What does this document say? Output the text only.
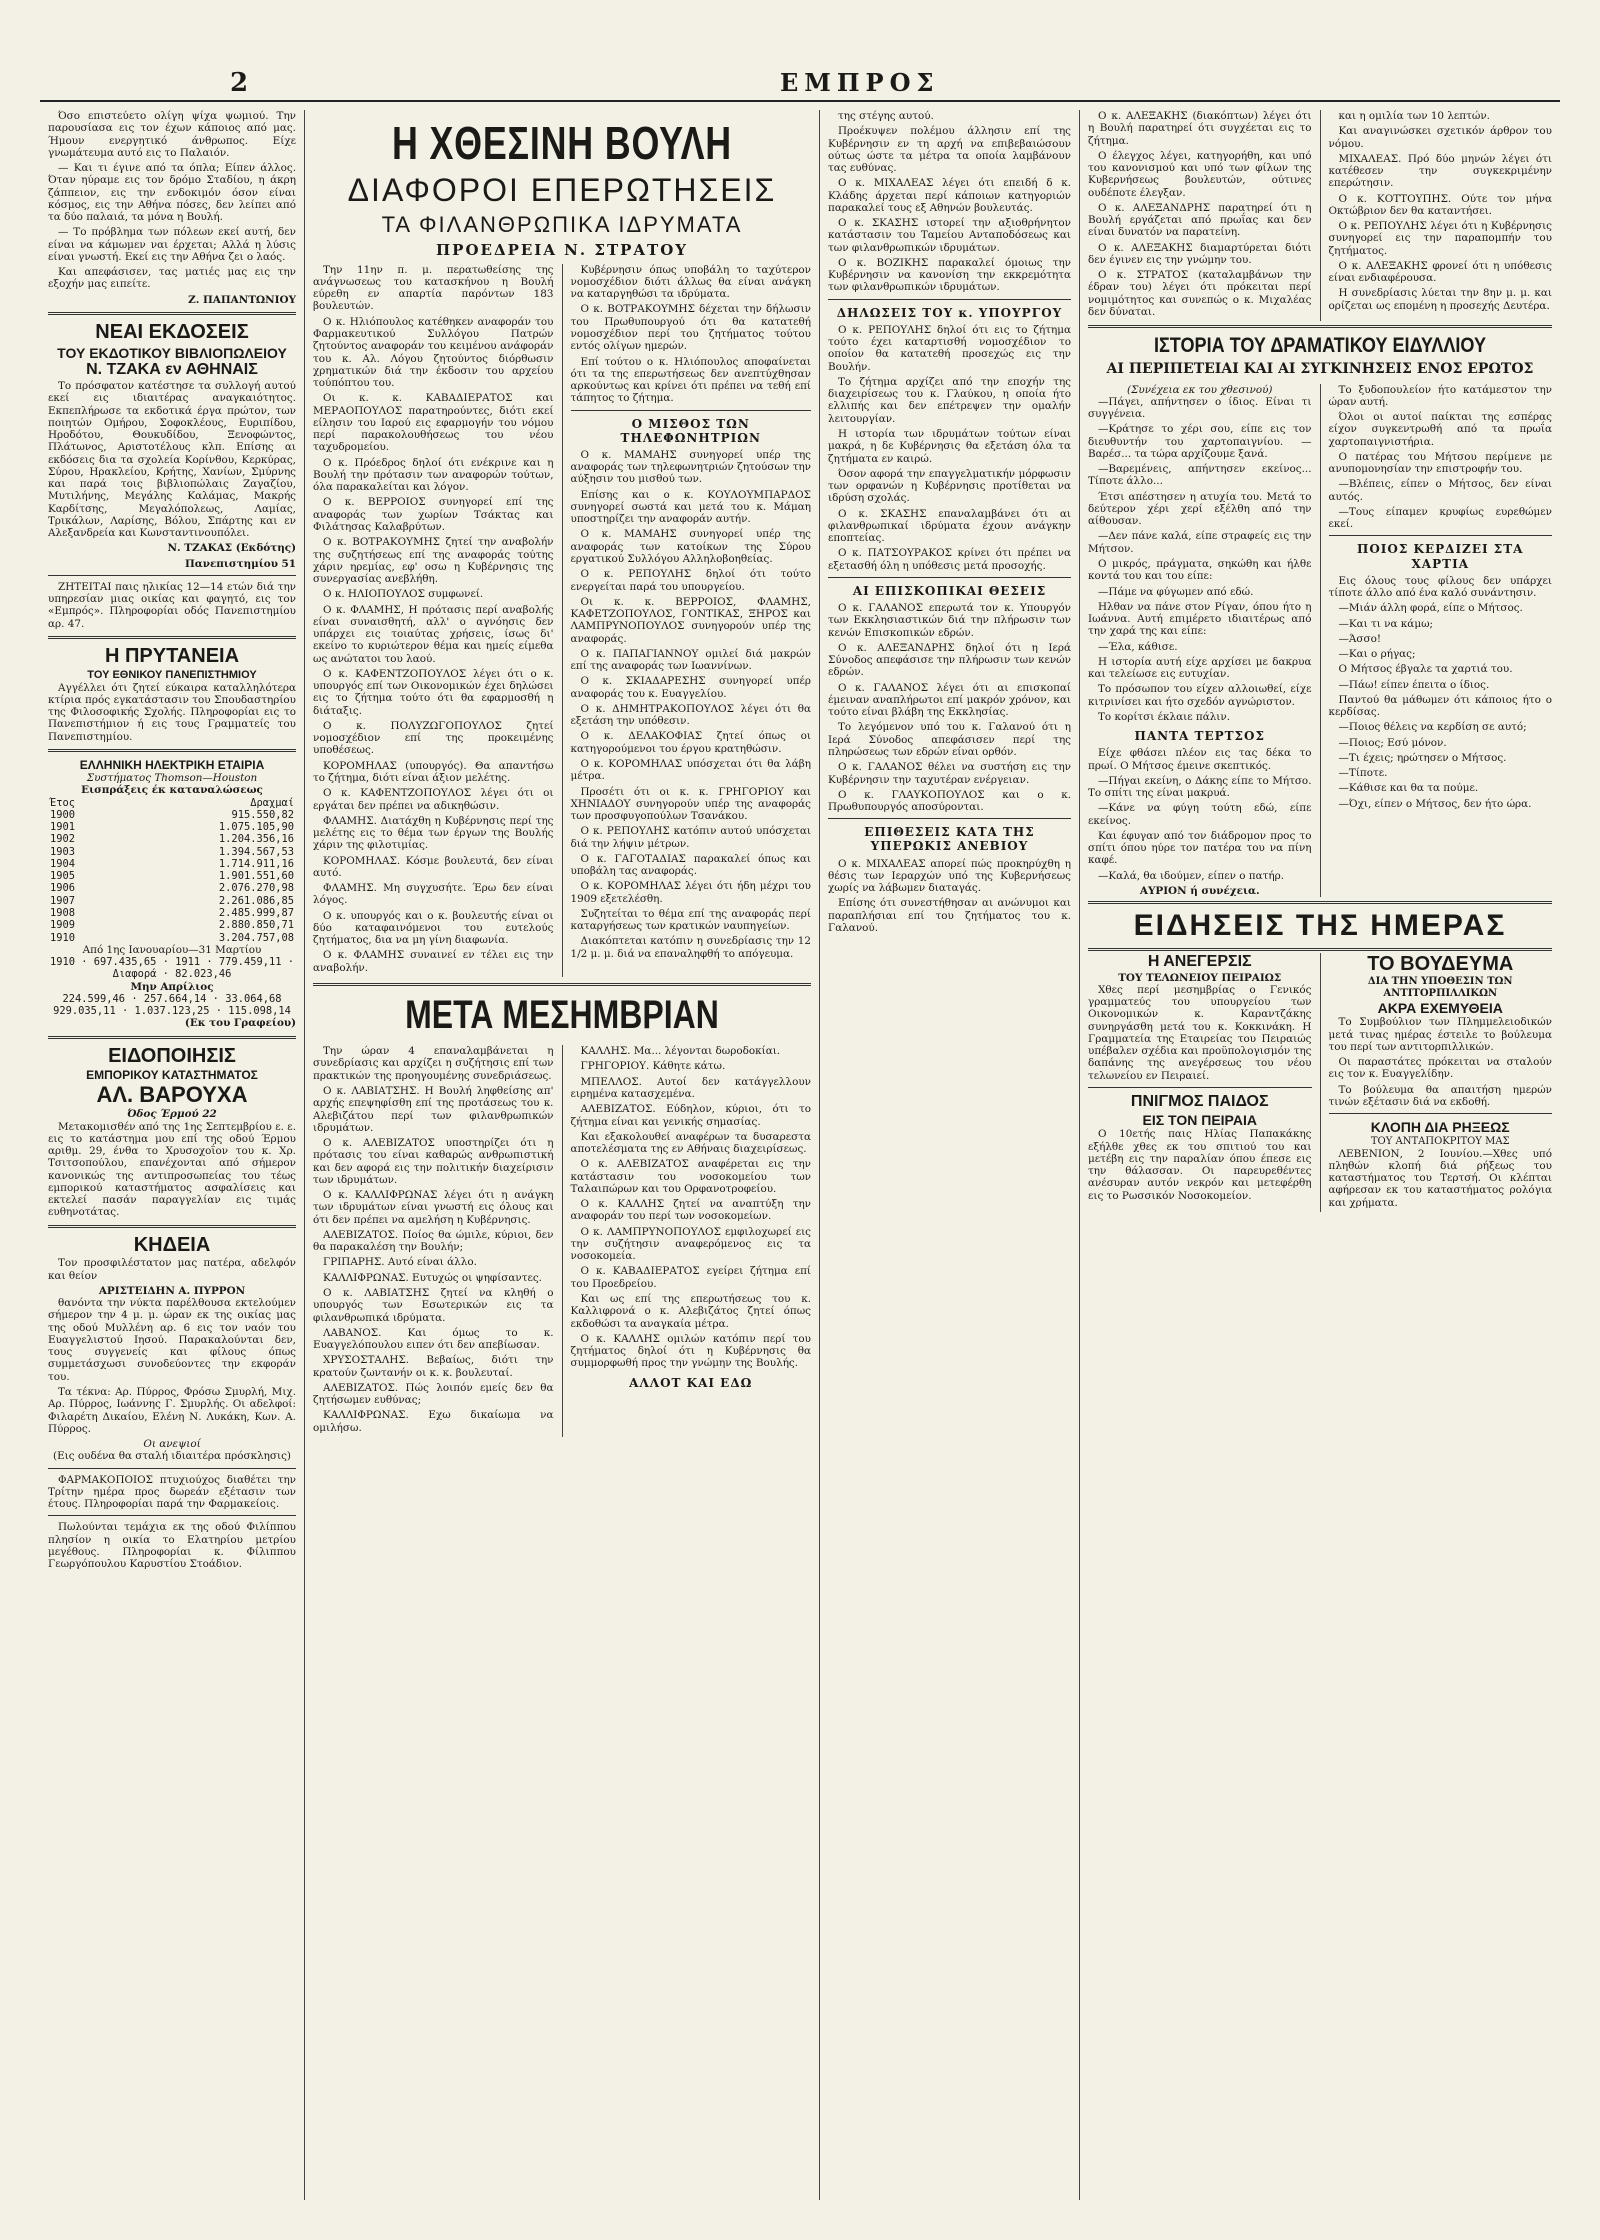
2	ΕΜΠΡΟΣ

Όσο επιστεύετο ολίγη ψίχα ψωμιού. Την παρουσίασα εις τον έχων κάποιος από μας. Ήμουν ενεργητικό άνθρωπος. Είχε γνωμάτευμα αυτό εις το Παλαιόν.

— Και τι έγινε από τα όπλα; Είπεν άλλος. Όταν ηύραμε εις τον δρόμο Σταδίου, η άκρη ζάππειον, εις την ενδοκιμόν όσον είναι κόσμος, εις την Αθήνα πόσες, δεν λείπει από τα δύο παλαιά, τα μόνα η Βουλή.

— Το πρόβλημα των πόλεων εκεί αυτή, δεν είναι να κάμωμεν ναι έρχεται; Αλλά η λύσις είναι γνωστή. Εκεί εις την Αθήνα ζει ο λαός.

Και απεφάσισεν, τας ματιές μας εις την εξοχήν μας ειπείτε.

Ζ. ΠΑΠΑΝΤΩΝΙΟΥ

ΝΕΑΙ ΕΚΔΟΣΕΙΣ
ΤΟΥ ΕΚΔΟΤΙΚΟΥ ΒΙΒΛΙΟΠΩΛΕΙΟΥ
Ν. ΤΖΑΚΑ εν ΑΘΗΝΑΙΣ

Το πρόσφατον κατέστησε τα συλλογή αυτού εκεί εις ιδιαιτέρας αναγκαιότητος. Εκπεπλήρωσε τα εκδοτικά έργα πρώτον, των ποιητών Ομήρου, Σοφοκλέους, Ευριπίδου, Ηροδότου, Θουκυδίδου, Ξενοφώντος, Πλάτωνος, Αριστοτέλους κλπ. Επίσης αι εκδόσεις δια τα σχολεία Κορίνθου, Κερκύρας, Σύρου, Ηρακλείου, Κρήτης, Χανίων, Σμύρνης και παρά τοις βιβλιοπώλαις Ζαγαζίου, Μυτιλήνης, Μεγάλης Καλάμας, Μακρής Καρδίτσης, Μεγαλόπολεως, Λαμίας, Τρικάλων, Λαρίσης, Βόλου, Σπάρτης και εν Αλεξανδρεία και Κωνσταντινουπόλει.

Ν. ΤΖΑΚΑΣ (Εκδότης)

Πανεπιστημίου 51

ΖΗΤΕΙΤΑΙ παις ηλικίας 12—14 ετών διά την υπηρεσίαν μιας οικίας και φαγητό, εις τον «Εμπρός». Πληροφορίαι οδός Πανεπιστημίου αρ. 47.

Η ΠΡΥΤΑΝΕΙΑ
ΤΟΥ ΕΘΝΙΚΟΥ ΠΑΝΕΠΙΣΤΗΜΙΟΥ

Αγγέλλει ότι ζητεί εύκαιρα καταλληλότερα κτίρια πρός εγκατάστασιν του Σπουδαστηρίου της Φιλοσοφικής Σχολής. Πληροφορίαι εις το Πανεπιστήμιον ή εις τους Γραμματείς του Πανεπιστημίου.

ΕΛΛΗΝΙΚΗ ΗΛΕΚΤΡΙΚΗ ΕΤΑΙΡΙΑ
Συστήματος Thomson—Houston
Εισπράξεις έκ καταναλώσεως
Έτος	Δραχμαί
1900	915.550,82
1901	1.075.105,90
1902	1.204.356,16
1903	1.394.567,53
1904	1.714.911,16
1905	1.901.551,60
1906	2.076.270,98
1907	2.261.086,85
1908	2.485.999,87
1909	2.880.850,71
1910	3.204.757,08
Από 1ης Ιανουαρίου—31 Μαρτίου
1910 · 697.435,65 · 1911 · 779.459,11 · Διαφορά · 82.023,46
Μην Απρίλιος
224.599,46 · 257.664,14 · 33.064,68
929.035,11 · 1.037.123,25 · 115.098,14
(Εκ του Γραφείου)
ΕΙΔΟΠΟΙΗΣΙΣ
ΕΜΠΟΡΙΚΟΥ ΚΑΤΑΣΤΗΜΑΤΟΣ
ΑΛ. ΒΑΡΟΥΧΑ
Όδος Έρμού 22

Μετακομισθέν από της 1ης Σεπτεμβρίου ε. ε. εις το κατάστημα μου επί της οδού Έρμου αριθμ. 29, ένθα το Χρυσοχοΐον του κ. Χρ. Τσιτσοπούλου, επανέχονται από σήμερον κανονικώς της αντιπροσωπείας του τέως εμπορικού καταστήματος ασφαλίσεις και εκτελεί πασάν παραγγελίαν εις τιμάς ευθηνοτάτας.

ΚΗΔΕΙΑ

Τον προσφιλέστατον μας πατέρα, αδελφόν και θείον

ΑΡΙΣΤΕΙΔΗΝ Α. ΠΥΡΡΟΝ

θανόντα την νύκτα παρέλθουσα εκτελούμεν σήμερον την 4 μ. μ. ώραν εκ της οικίας μας της οδού Μυλλένη αρ. 6 εις τον ναόν του Ευαγγελιστού Ιησού. Παρακαλούνται δεν, τους συγγενείς και φίλους όπως συμμετάσχωσι συνοδεύοντες την εκφοράν του.

Τα τέκνα: Αρ. Πύρρος, Φρόσω Σμυρλή, Μιχ. Αρ. Πύρρος, Ιωάννης Γ. Σμυρλής. Οι αδελφοί: Φιλαρέτη Δικαίου, Ελένη Ν. Λυκάκη, Κων. Α. Πύρρος.

Οι ανεψιοί
(Εις ουδένα θα σταλή ιδιαιτέρα πρόσκλησις)

ΦΑΡΜΑΚΟΠΟΙΟΣ πτυχιούχος διαθέτει την Τρίτην ημέρα προς δωρεάν εξέτασιν των έτους. Πληροφορίαι παρά την Φαρμακείοις.

Πωλούνται τεμάχια εκ της οδού Φιλίππου πλησίον η οικία το Ελατηρίου μετρίου μεγέθους. Πληροφορίαι κ. Φίλιππου Γεωργόπουλου Καρυστίου Στοάδιον.

Η ΧΘΕΣΙΝΗ ΒΟΥΛΗ
ΔΙΑΦΟΡΟΙ ΕΠΕΡΩΤΗΣΕΙΣ
ΤΑ ΦΙΛΑΝΘΡΩΠΙΚΑ ΙΔΡΥΜΑΤΑ
ΠΡΟΕΔΡΕΙΑ Ν. ΣΤΡΑΤΟΥ

Την 11ην π. μ. περατωθείσης της ανάγνωσεως του κατασκήνου η Βουλή εύρεθη εν απαρτία παρόντων 183 βουλευτών.

Ο κ. Ηλιόπουλος κατέθηκεν αναφοράν του Φαρμακευτικού Συλλόγου Πατρών ζητούντος αναφοράν του κειμένου ανάφοράν του κ. Αλ. Λόγου ζητούντος διόρθωσιν χρηματικών διά την έκδοσιν του αρχείου τούπόπτου του.

Οι κ. κ. ΚΑΒΑΔΙΕΡΑΤΟΣ και ΜΕΡΑΟΠΟΥΛΟΣ παρατηρούντες, διότι εκεί είλησιν του Ιαρού εις εφαρμογήν του νόμου περί παρακολουθήσεως του νέου ταχυδρομείου.

Ο κ. Πρόεδρος δηλοί ότι ενέκρινε και η Βουλή την πρότασιν των αναφορών τούτων, όλα παρακαλείται και λόγον.

Ο κ. ΒΕΡΡΟΙΟΣ συνηγορεί επί της αναφοράς των χωρίων Τσάκτας και Φιλάτησας Καλαβρύτων.

Ο κ. ΒΟΤΡΑΚΟΥΜΗΣ ζητεί την αναβολήν της συζητήσεως επί της αναφοράς τούτης χάριν ηρεμίας, εφ' οσω η Κυβέρνησις της συνεργασίας ανεβλήθη.

Ο κ. ΗΛΙΟΠΟΥΛΟΣ συμφωνεί.

Ο κ. ΦΛΑΜΗΣ, Η πρότασις περί αναβολής είναι συναισθητή, αλλ' ο αγνόησις δεν υπάρχει εις τοιαύτας χρήσεις, ίσως δι' εκείνο το κυριώτερον θέμα και ημείς είμεθα ως ανώτατοι του λαού.

Ο κ. ΚΑΦΕΝΤΖΟΠΟΥΛΟΣ λέγει ότι ο κ. υπουργός επί των Οικονομικών έχει δηλώσει εις το ζήτημα τούτο ότι θα εφαρμοσθή η διάταξις.

Ο κ. ΠΟΛΥΖΩΓΟΠΟΥΛΟΣ ζητεί νομοσχέδιον επί της προκειμένης υποθέσεως.

ΚΟΡΟΜΗΛΑΣ (υπουργός). Θα απαντήσω το ζήτημα, διότι είναι άξιον μελέτης.

Ο κ. ΚΑΦΕΝΤΖΟΠΟΥΛΟΣ λέγει ότι οι εργάται δεν πρέπει να αδικηθώσιν.

ΦΛΑΜΗΣ. Διατάχθη η Κυβέρνησις περί της μελέτης εις το θέμα των έργων της Βουλής χάριν της φιλοτιμίας.

ΚΟΡΟΜΗΛΑΣ. Κόσμε βουλευτά, δεν είναι αυτό.

ΦΛΑΜΗΣ. Μη συγχυσήτε. Έρω δεν είναι λόγος.

Ο κ. υπουργός και ο κ. βουλευτής είναι οι δύο καταφαινόμενοι του ευτελούς ζητήματος, δια να μη γίνη διαφωνία.

Ο κ. ΦΛΑΜΗΣ συναινεί εν τέλει εις την αναβολήν.

Κυβέρνησιν όπως υποβάλη το ταχύτερον νομοσχέδιον διότι άλλως θα είναι ανάγκη να καταργηθώσι τα ιδρύματα.

Ο κ. ΒΟΤΡΑΚΟΥΜΗΣ δέχεται την δήλωσιν του Πρωθυπουργού ότι θα κατατεθή νομοσχέδιον περί του ζητήματος τούτου εντός ολίγων ημερών.

Επί τούτου ο κ. Ηλιόπουλος αποφαίνεται ότι τα της επερωτήσεως δεν ανεπτύχθησαν αρκούντως και κρίνει ότι πρέπει να τεθή επί τάπητος το ζήτημα.

Ο ΜΙΣΘΟΣ ΤΩΝ ΤΗΛΕΦΩΝΗΤΡΙΩΝ

Ο κ. ΜΑΜΑΗΣ συνηγορεί υπέρ της αναφοράς των τηλεφωνητριών ζητούσων την αύξησιν του μισθού των.

Επίσης και ο κ. ΚΟΥΛΟΥΜΠΑΡΔΟΣ συνηγορεί σωστά και μετά του κ. Μάμαη υποστηρίζει την αναφοράν αυτήν.

Ο κ. ΜΑΜΑΗΣ συνηγορεί υπέρ της αναφοράς των κατοίκων της Σύρου εργατικού Συλλόγου Αλληλοβοηθείας.

Ο κ. ΡΕΠΟΥΛΗΣ δηλοί ότι τούτο ενεργείται παρά του υπουργείου.

Οι κ. κ. ΒΕΡΡΟΙΟΣ, ΦΛΑΜΗΣ, ΚΑΦΕΤΖΟΠΟΥΛΟΣ, ΓΟΝΤΙΚΑΣ, ΞΗΡΟΣ και ΛΑΜΠΡΥΝΟΠΟΥΛΟΣ συνηγορούν υπέρ της αναφοράς.

Ο κ. ΠΑΠΑΓΙΑΝΝΟΥ ομιλεί διά μακρών επί της αναφοράς των Ιωαννίνων.

Ο κ. ΣΚΙΑΔΑΡΕΣΗΣ συνηγορεί υπέρ αναφοράς του κ. Ευαγγελίου.

Ο κ. ΔΗΜΗΤΡΑΚΟΠΟΥΛΟΣ λέγει ότι θα εξετάση την υπόθεσιν.

Ο κ. ΔΕΛΑΚΟΦΙΑΣ ζητεί όπως οι κατηγορούμενοι του έργου κρατηθώσιν.

Ο κ. ΚΟΡΟΜΗΛΑΣ υπόσχεται ότι θα λάβη μέτρα.

Προσέτι ότι οι κ. κ. ΓΡΗΓΟΡΙΟΥ και ΧΗΝΙΑΔΟΥ συνηγορούν υπέρ της αναφοράς των προσφυγοπούλων Τσανάκου.

Ο κ. ΡΕΠΟΥΛΗΣ κατόπιν αυτού υπόσχεται διά την λήψιν μέτρων.

Ο κ. ΓΑΓΟΤΑΔΙΑΣ παρακαλεί όπως και υποβάλη τας αναφοράς.

Ο κ. ΚΟΡΟΜΗΛΑΣ λέγει ότι ήδη μέχρι του 1909 εξετελέσθη.

Συζητείται το θέμα επί της αναφοράς περί καταργήσεως των κρατικών ναυπηγείων.

Διακόπτεται κατόπιν η συνεδρίασις την 12 1/2 μ. μ. διά να επαναληφθή το απόγευμα.

ΜΕΤΑ ΜΕΣΗΜΒΡΙΑΝ

Την ώραν 4 επαναλαμβάνεται η συνεδρίασις και αρχίζει η συζήτησις επί των πρακτικών της προηγουμένης συνεδριάσεως.

Ο κ. ΛΑΒΙΑΤΣΗΣ. Η Βουλή ληφθείσης απ' αρχής επεψηφίσθη επί της προτάσεως του κ. Αλεβιζάτου περί των φιλανθρωπικών ιδρυμάτων.

Ο κ. ΑΛΕΒΙΖΑΤΟΣ υποστηρίζει ότι η πρότασις του είναι καθαρώς ανθρωπιστική και δεν αφορά εις την πολιτικήν διαχείρισιν των ιδρυμάτων.

Ο κ. ΚΑΛΛΙΦΡΩΝΑΣ λέγει ότι η ανάγκη των ιδρυμάτων είναι γνωστή εις όλους και ότι δεν πρέπει να αμελήση η Κυβέρνησις.

ΑΛΕΒΙΖΑΤΟΣ. Ποίος θα ώμιλε, κύριοι, δεν θα παρακαλέση την Βουλήν;

ΓΡΙΠΑΡΗΣ. Αυτό είναι άλλο.

ΚΑΛΛΙΦΡΩΝΑΣ. Ευτυχώς οι ψηφίσαντες.

Ο κ. ΛΑΒΙΑΤΣΗΣ ζητεί να κληθή ο υπουργός των Εσωτερικών εις τα φιλανθρωπικά ιδρύματα.

ΛΑΒΑΝΟΣ. Και όμως το κ. Ευαγγελόπουλου ειπεν ότι δεν απεβίωσαν.

ΧΡΥΣΟΣΤΑΛΗΣ. Βεβαίως, διότι την κρατούν ζωντανήν οι κ. κ. βουλευταί.

ΑΛΕΒΙΖΑΤΟΣ. Πώς λοιπόν εμείς δεν θα ζητήσωμεν ευθύνας;

ΚΑΛΛΙΦΡΩΝΑΣ. Εχω δικαίωμα να ομιλήσω.

ΚΑΛΛΗΣ. Μα... λέγονται δωροδοκίαι.

ΓΡΗΓΟΡΙΟΥ. Κάθητε κάτω.

ΜΠΕΛΛΟΣ. Αυτοί δεν κατάγγελλουν ειρημένα κατασχεμένα.

ΑΛΕΒΙΖΑΤΟΣ. Εύδηλον, κύριοι, ότι το ζήτημα είναι και γενικής σημασίας.

Και εξακολουθεί αναφέρων τα δυσαρεστα αποτελέσματα της εν Αθήναις διαχειρίσεως.

Ο κ. ΑΛΕΒΙΖΑΤΟΣ αναφέρεται εις την κατάστασιν του νοσοκομείου των Ταλαιπώρων και του Ορφανοτροφείου.

Ο κ. ΚΑΛΛΗΣ ζητεί να αναπτύξη την αναφοράν του περί των νοσοκομείων.

Ο κ. ΛΑΜΠΡΥΝΟΠΟΥΛΟΣ εμφιλοχωρεί εις την συζήτησιν αναφερόμενος εις τα νοσοκομεία.

Ο κ. ΚΑΒΑΔΙΕΡΑΤΟΣ εγείρει ζήτημα επί του Προεδρείου.

Και ως επί της επερωτήσεως του κ. Καλλιφρονά ο κ. Αλεβιζάτος ζητεί όπως εκδοθώσι τα αναγκαία μέτρα.

Ο κ. ΚΑΛΛΗΣ ομιλών κατόπιν περί του ζητήματος δηλοί ότι η Κυβέρνησις θα συμμορφωθή προς την γνώμην της Βουλής.

ΑΛΛΟΤ ΚΑΙ ΕΔΩ

της στέγης αυτού.

Προέκυψεν πολέμου άλλησιν επί της Κυβέρνησιν εν τη αρχή να επιβεβαιώσουν ούτως ώστε τα μέτρα τα οποία λαμβάνουν τας ευθύνας.

Ο κ. ΜΙΧΑΛΕΑΣ λέγει ότι επειδή δ κ. Κλάδης άρχεται περί κάποιων κατηγοριών παρακαλεί τους εξ Αθηνών βουλευτάς.

Ο κ. ΣΚΑΣΗΣ ιστορεί την αξιοθρήνητον κατάστασιν του Ταμείου Ανταποδόσεως και των φιλανθρωπικών ιδρυμάτων.

Ο κ. ΒΟΖΙΚΗΣ παρακαλεί όμοιως την Κυβέρνησιν να κανονίση την εκκρεμότητα των φιλανθρωπικών ιδρυμάτων.

ΔΗΛΩΣΕΙΣ ΤΟΥ κ. ΥΠΟΥΡΓΟΥ

Ο κ. ΡΕΠΟΥΛΗΣ δηλοί ότι εις το ζήτημα τούτο έχει καταρτισθή νομοσχέδιον το οποίον θα κατατεθή προσεχώς εις την Βουλήν.

Το ζήτημα αρχίζει από την εποχήν της διαχειρίσεως του κ. Γλαύκου, η οποία ήτο ελλιπής και δεν επέτρεψεν την ομαλήν λειτουργίαν.

Η ιστορία των ιδρυμάτων τούτων είναι μακρά, η δε Κυβέρνησις θα εξετάση όλα τα ζητήματα εν καιρώ.

Όσον αφορά την επαγγελματικήν μόρφωσιν των ορφανών η Κυβέρνησις προτίθεται να ιδρύση σχολάς.

Ο κ. ΣΚΑΣΗΣ επαναλαμβάνει ότι αι φιλανθρωπικαί ιδρύματα έχουν ανάγκην εποπτείας.

Ο κ. ΠΑΤΣΟΥΡΑΚΟΣ κρίνει ότι πρέπει να εξετασθή όλη η υπόθεσις μετά προσοχής.

ΑΙ ΕΠΙΣΚΟΠΙΚΑΙ ΘΕΣΕΙΣ

Ο κ. ΓΑΛΑΝΟΣ επερωτά τον κ. Υπουργόν των Εκκλησιαστικών διά την πλήρωσιν των κενών Επισκοπικών εδρών.

Ο κ. ΑΛΕΞΑΝΔΡΗΣ δηλοί ότι η Ιερά Σύνοδος απεφάσισε την πλήρωσιν των κενών εδρών.

Ο κ. ΓΑΛΑΝΟΣ λέγει ότι αι επισκοπαί έμειναν αναπλήρωτοι επί μακρόν χρόνον, και τούτο είναι βλάβη της Εκκλησίας.

Το λεγόμενον υπό του κ. Γαλανού ότι η Ιερά Σύνοδος απεφάσισεν περί της πληρώσεως των εδρών είναι ορθόν.

Ο κ. ΓΑΛΑΝΟΣ θέλει να συστήση εις την Κυβέρνησιν την ταχυτέραν ενέργειαν.

Ο κ. ΓΛΑΥΚΟΠΟΥΛΟΣ και ο κ. Πρωθυπουργός αποσύρονται.

ΕΠΙΘΕΣΕΙΣ ΚΑΤΑ ΤΗΣ ΥΠΕΡΩΚΙΣ ΑΝΕΒΙΟΥ

Ο κ. ΜΙΧΑΛΕΑΣ απορεί πώς προκηρύχθη η θέσις των Ιεραρχών υπό της Κυβερνήσεως χωρίς να λάβωμεν διαταγάς.

Επίσης ότι συνεστήθησαν αι ανώνυμοι και παραπλήσιαι επί του ζητήματος του κ. Γαλανού.

Ο κ. ΑΛΕΞΑΚΗΣ (διακόπτων) λέγει ότι η Βουλή παρατηρεί ότι συγχέεται εις το ζήτημα.

Ο έλεγχος λέγει, κατηγορήθη, και υπό του κανονισμού και υπό των φίλων της Κυβερνήσεως βουλευτών, ούτινες ουδέποτε έλεγξαν.

Ο κ. ΑΛΕΞΑΝΔΡΗΣ παρατηρεί ότι η Βουλή εργάζεται από πρωΐας και δεν είναι δυνατόν να παρατείνη.

Ο κ. ΑΛΕΞΑΚΗΣ διαμαρτύρεται διότι δεν έγινεν εις την γνώμην του.

Ο κ. ΣΤΡΑΤΟΣ (καταλαμβάνων την έδραν του) λέγει ότι πρόκειται περί νομιμότητος και συνεπώς ο κ. Μιχαλέας δεν δύναται.

και η ομιλία των 10 λεπτών.

Και αναγινώσκει σχετικόν άρθρον του νόμου.

ΜΙΧΑΛΕΑΣ. Πρό δύο μηνών λέγει ότι κατέθεσεν την συγκεκριμένην επερώτησιν.

Ο κ. ΚΟΤΤΟΥΠΗΣ. Ούτε τον μήνα Οκτώβριον δεν θα καταντήσει.

Ο κ. ΡΕΠΟΥΛΗΣ λέγει ότι η Κυβέρνησις συνηγορεί εις την παραπομπήν του ζητήματος.

Ο κ. ΑΛΕΞΑΚΗΣ φρονεί ότι η υπόθεσις είναι ενδιαφέρουσα.

Η συνεδρίασις λύεται την 8ην μ. μ. και ορίζεται ως επομένη η προσεχής Δευτέρα.

ΙΣΤΟΡΙΑ ΤΟΥ ΔΡΑΜΑΤΙΚΟΥ ΕΙΔΥΛΛΙΟΥ
ΑΙ ΠΕΡΙΠΕΤΕΙΑΙ ΚΑΙ ΑΙ ΣΥΓΚΙΝΗΣΕΙΣ ΕΝΟΣ ΕΡΩΤΟΣ
(Συνέχεια εκ του χθεσινού)

—Πάγει, απήντησεν ο ίδιος. Είναι τι συγγένεια.

—Κράτησε το χέρι σου, είπε εις τον διευθυντήν του χαρτοπαιγνίου. — Βαρέσ... τα τώρα αρχίζουμε ξανά.

—Βαρεμένεις, απήντησεν εκείνος... Τίποτε άλλο...

Έτσι απέστησεν η ατυχία του. Μετά το δεύτερον χέρι χερί εξέλθη από την αίθουσαν.

—Δεν πάνε καλά, είπε στραφείς εις την Μήτσον.

Ο μικρός, πράγματα, σηκώθη και ήλθε κοντά του και του είπε:

—Πάμε να φύγωμεν από εδώ.

Ηλθαν να πάνε στον Ρίγαν, όπου ήτο η Ιωάννα. Αυτή επιμέρετο ιδιαιτέρως από την χαρά της και είπε:

—Έλα, κάθισε.

Η ιστορία αυτή είχε αρχίσει με δακρυα και τελείωσε εις ευτυχίαν.

Το πρόσωπον του είχεν αλλοιωθεί, είχε κιτρινίσει και ήτο σχεδόν αγνώριστον.

Το κορίτσι έκλαιε πάλιν.

ΠΑΝΤΑ ΤΕΡΤΣΟΣ

Είχε φθάσει πλέον εις τας δέκα το πρωί. Ο Μήτσος έμεινε σκεπτικός.

—Πήγαι εκείνη, ο Δάκης είπε το Μήτσο. Το σπίτι της είναι μακρυά.

—Κάνε να φύγη τούτη εδώ, είπε εκείνος.

Και έφυγαν από τον διάδρομον προς το σπίτι όπου ηύρε τον πατέρα του να πίνη καφέ.

—Καλά, θα ιδούμεν, είπεν ο πατήρ.

ΑΥΡΙΟΝ ή συνέχεια.

Το ξυδοπουλείον ήτο κατάμεστον την ώραν αυτή.

Όλοι οι αυτοί παίκται της εσπέρας είχον συγκεντρωθή από τα πρωΐα χαρτοπαιγνιστήρια.

Ο πατέρας του Μήτσου περίμενε με ανυπομονησίαν την επιστροφήν του.

—Βλέπεις, είπεν ο Μήτσος, δεν είναι αυτός.

—Τους είπαμεν κρυφίως ευρεθώμεν εκεί.

ΠΟΙΟΣ ΚΕΡΔΙΖΕΙ ΣΤΑ ΧΑΡΤΙΑ

Εις όλους τους φίλους δεν υπάρχει τίποτε άλλο από ένα καλό συνάντησιν.

—Μιάν άλλη φορά, είπε ο Μήτσος.

—Και τι να κάμω;

—Άσσο!

—Και ο ρήγας;

Ο Μήτσος έβγαλε τα χαρτιά του.

—Πάω! είπεν έπειτα ο ίδιος.

Παντού θα μάθωμεν ότι κάποιος ήτο ο κερδίσας.

—Ποιος θέλεις να κερδίση σε αυτό;

—Ποιος; Εσύ μόνον.

—Τι έχεις; ηρώτησεν ο Μήτσος.

—Τίποτε.

—Κάθισε και θα τα πούμε.

—Όχι, είπεν ο Μήτσος, δεν ήτο ώρα.

ΕΙΔΗΣΕΙΣ ΤΗΣ ΗΜΕΡΑΣ
Η ΑΝΕΓΕΡΣΙΣ
ΤΟΥ ΤΕΛΩΝΕΙΟΥ ΠΕΙΡΑΙΩΣ

Χθες περί μεσημβρίας ο Γενικός γραμματεύς του υπουργείου των Οικονομικών κ. Καραντζάκης συνηργάσθη μετά του κ. Κοκκινάκη. Η Γραμματεία της Εταιρείας του Πειραιώς υπέβαλεν σχέδια και προϋπολογισμόν της δαπάνης της ανεγέρσεως του νέου τελωνείου εν Πειραιεί.

ΠΝΙΓΜΟΣ ΠΑΙΔΟΣ
ΕΙΣ ΤΟΝ ΠΕΙΡΑΙΑ

Ο 10ετής παις Ηλίας Παπακάκης εξήλθε χθες εκ του σπιτιού του και μετέβη εις την παραλίαν όπου έπεσε εις την θάλασσαν. Οι παρευρεθέντες ανέσυραν αυτόν νεκρόν και μετεφέρθη εις το Ρωσσικόν Νοσοκομείον.

ΤΟ ΒΟΥΔΕΥΜΑ
ΔΙΑ ΤΗΝ ΥΠΟΘΕΣΙΝ ΤΩΝ ΑΝΤΙΤΟΡΠΙΛΛΙΚΩΝ
ΑΚΡΑ ΕΧΕΜΥΘΕΙΑ

Το Συμβούλιον των Πλημμελειοδικών μετά τινας ημέρας έστειλε το βούλευμα του περί των αντιτορπιλλικών.

Οι παραστάτες πρόκειται να σταλούν εις τον κ. Ευαγγελίδην.

Το βούλευμα θα απαιτήση ημερών τινών εξέτασιν διά να εκδοθή.

ΚΛΟΠΗ ΔΙΑ ΡΗΞΕΩΣ
ΤΟΥ ΑΝΤΑΠΟΚΡΙΤΟΥ ΜΑΣ

ΛΕΒΕΝΙΟΝ, 2 Ιουνίου.—Χθες υπό πληθών κλοπή διά ρήξεως του καταστήματος του Τερτσή. Οι κλέπται αφήρεσαν εκ του καταστήματος ρολόγια και χρήματα.
